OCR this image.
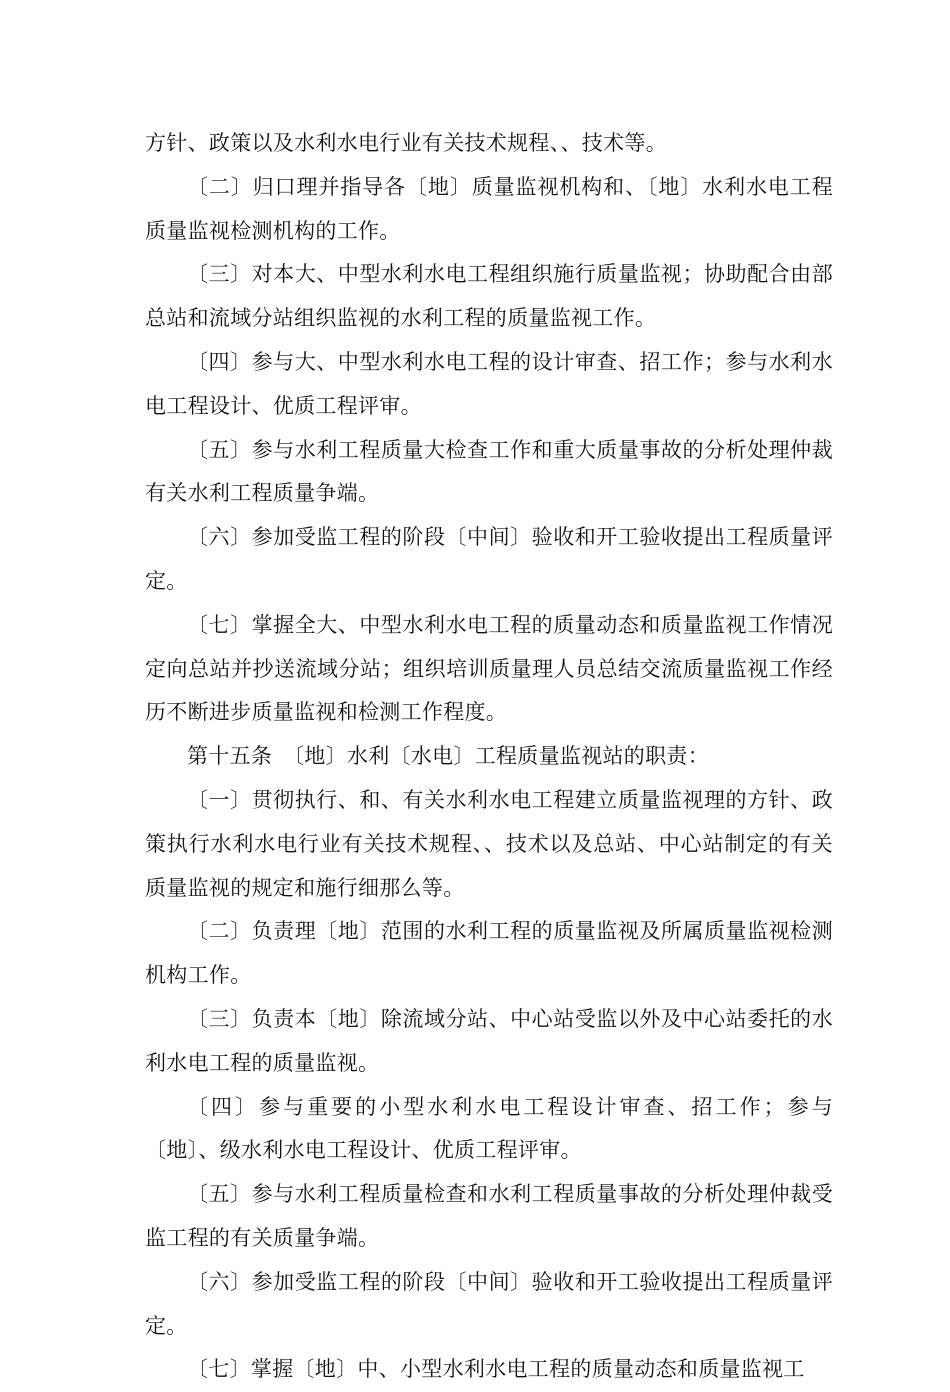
方针、政策以及水利水电行业有关技术规程、、技术等。

〔二〕归口理并指导各〔地〕质量监视机构和、〔地〕水利水电工程质量监视检测机构的工作。

〔三〕对本大、中型水利水电工程组织施行质量监视；协助配合由部总站和流域分站组织监视的水利工程的质量监视工作。

〔四〕参与大、中型水利水电工程的设计审查、招工作；参与水利水电工程设计、优质工程评审。

〔五〕参与水利工程质量大检查工作和重大质量事故的分析处理仲裁有关水利工程质量争端。

〔六〕参加受监工程的阶段〔中间〕验收和开工验收提出工程质量评定。

〔七〕掌握全大、中型水利水电工程的质量动态和质量监视工作情况定向总站并抄送流域分站；组织培训质量理人员总结交流质量监视工作经历不断进步质量监视和检测工作程度。

第十五条　〔地〕水利〔水电〕工程质量监视站的职责：

〔一〕贯彻执行、和、有关水利水电工程建立质量监视理的方针、政策执行水利水电行业有关技术规程、、技术以及总站、中心站制定的有关质量监视的规定和施行细那么等。

〔二〕负责理〔地〕范围的水利工程的质量监视及所属质量监视检测机构工作。

〔三〕负责本〔地〕除流域分站、中心站受监以外及中心站委托的水利水电工程的质量监视。

〔四〕参与重要的小型水利水电工程设计审查、招工作；参与〔地〕、级水利水电工程设计、优质工程评审。

〔五〕参与水利工程质量检查和水利工程质量事故的分析处理仲裁受监工程的有关质量争端。

〔六〕参加受监工程的阶段〔中间〕验收和开工验收提出工程质量评定。

〔七〕掌握〔地〕中、小型水利水电工程的质量动态和质量监视工
